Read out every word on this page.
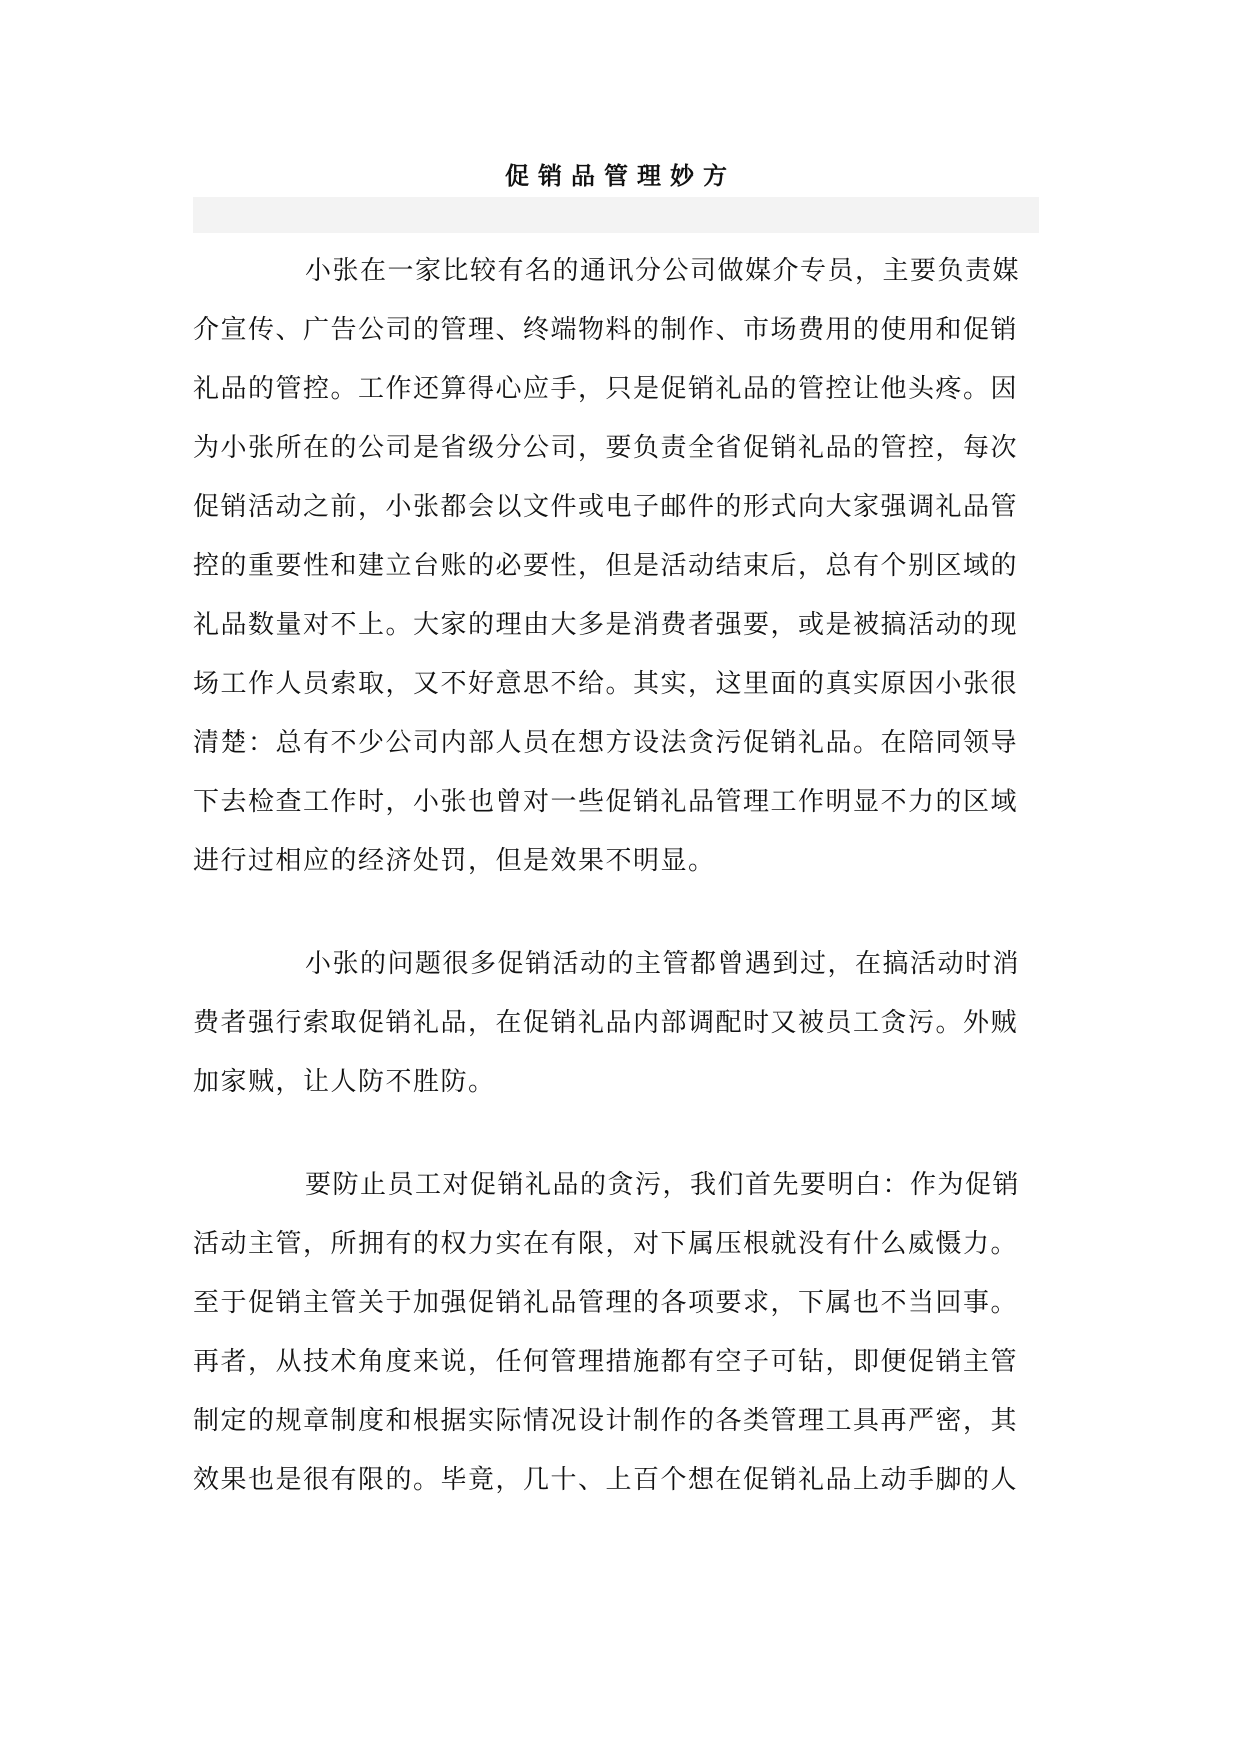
促销品管理妙方
小张在一家比较有名的通讯分公司做媒介专员，主要负责媒
介宣传、广告公司的管理、终端物料的制作、市场费用的使用和促销
礼品的管控。工作还算得心应手，只是促销礼品的管控让他头疼。因
为小张所在的公司是省级分公司，要负责全省促销礼品的管控，每次
促销活动之前，小张都会以文件或电子邮件的形式向大家强调礼品管
控的重要性和建立台账的必要性，但是活动结束后，总有个别区域的
礼品数量对不上。大家的理由大多是消费者强要，或是被搞活动的现
场工作人员索取，又不好意思不给。其实，这里面的真实原因小张很
清楚：总有不少公司内部人员在想方设法贪污促销礼品。在陪同领导
下去检查工作时，小张也曾对一些促销礼品管理工作明显不力的区域
进行过相应的经济处罚，但是效果不明显。
小张的问题很多促销活动的主管都曾遇到过，在搞活动时消
费者强行索取促销礼品，在促销礼品内部调配时又被员工贪污。外贼
加家贼，让人防不胜防。
要防止员工对促销礼品的贪污，我们首先要明白：作为促销
活动主管，所拥有的权力实在有限，对下属压根就没有什么威慑力。
至于促销主管关于加强促销礼品管理的各项要求，下属也不当回事。
再者，从技术角度来说，任何管理措施都有空子可钻，即便促销主管
制定的规章制度和根据实际情况设计制作的各类管理工具再严密，其
效果也是很有限的。毕竟，几十、上百个想在促销礼品上动手脚的人
